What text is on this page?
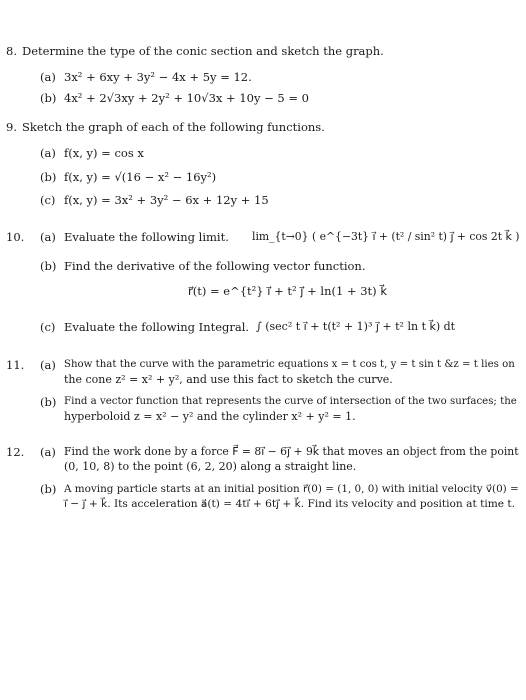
8. Determine the type of the conic section and sketch the graph.
(a) 3x² + 6xy + 3y² − 4x + 5y = 12.
(b) 4x² + 2√3xy + 2y² + 10√3x + 10y − 5 = 0
9. Sketch the graph of each of the following functions.
(a) f(x, y) = cos x
(b) f(x, y) = √(16 − x² − 16y²)
(c) f(x, y) = 3x² + 3y² − 6x + 12y + 15
10. (a) Evaluate the following limit. lim_{t→0} ( e^{−3t} i⃗ + (t² / sin² t) j⃗ + cos 2t k⃗ )
(b) Find the derivative of the following vector function.
r⃗(t) = e^{t²} i⃗ + t² j⃗ + ln(1 + 3t) k⃗
(c) Evaluate the following Integral. ∫ (sec² t i⃗ + t(t² + 1)³ j⃗ + t² ln t k⃗) dt
11. (a) Show that the curve with the parametric equations x = t cos t, y = t sin t &z = t lies on
the cone z² = x² + y², and use this fact to sketch the curve.
(b) Find a vector function that represents the curve of intersection of the two surfaces; the
hyperboloid z = x² − y² and the cylinder x² + y² = 1.
12. (a) Find the work done by a force F⃗ = 8i⃗ − 6j⃗ + 9k⃗ that moves an object from the point
(0, 10, 8) to the point (6, 2, 20) along a straight line.
(b) A moving particle starts at an initial position r⃗(0) = (1, 0, 0) with initial velocity v⃗(0) =
i⃗ − j⃗ + k⃗. Its acceleration a⃗(t) = 4ti⃗ + 6tj⃗ + k⃗. Find its velocity and position at time t.
